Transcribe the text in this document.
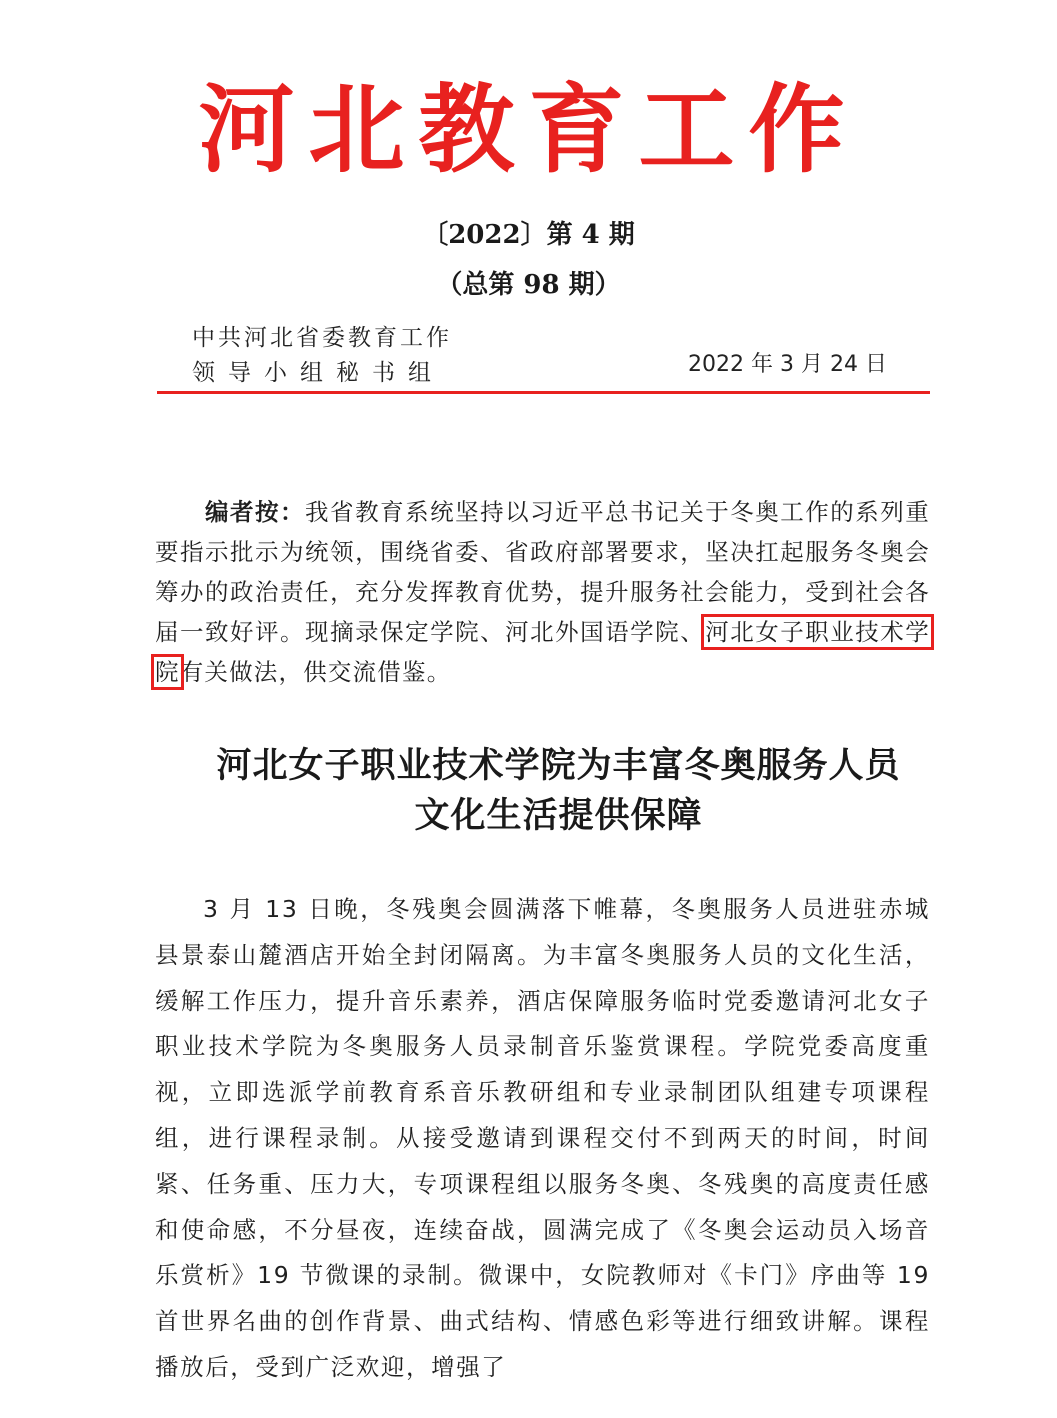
河北教育工作
〔2022〕第 4 期
（总第 98 期）
中共河北省委教育工作
领导小组秘书组	2022 年 3 月 24 日
编者按：我省教育系统坚持以习近平总书记关于冬奥工作的系列重要指示批示为统领，围绕省委、省政府部署要求，坚决扛起服务冬奥会筹办的政治责任，充分发挥教育优势，提升服务社会能力，受到社会各届一致好评。现摘录保定学院、河北外国语学院、河北女子职业技术学院有关做法，供交流借鉴。
河北女子职业技术学院为丰富冬奥服务人员
文化生活提供保障
3 月 13 日晚，冬残奥会圆满落下帷幕，冬奥服务人员进驻赤城县景泰山麓酒店开始全封闭隔离。为丰富冬奥服务人员的文化生活，缓解工作压力，提升音乐素养，酒店保障服务临时党委邀请河北女子职业技术学院为冬奥服务人员录制音乐鉴赏课程。学院党委高度重视，立即选派学前教育系音乐教研组和专业录制团队组建专项课程组，进行课程录制。从接受邀请到课程交付不到两天的时间，时间紧、任务重、压力大，专项课程组以服务冬奥、冬残奥的高度责任感和使命感，不分昼夜，连续奋战，圆满完成了《冬奥会运动员入场音乐赏析》19 节微课的录制。微课中，女院教师对《卡门》序曲等 19 首世界名曲的创作背景、曲式结构、情感色彩等进行细致讲解。课程播放后，受到广泛欢迎，增强了
